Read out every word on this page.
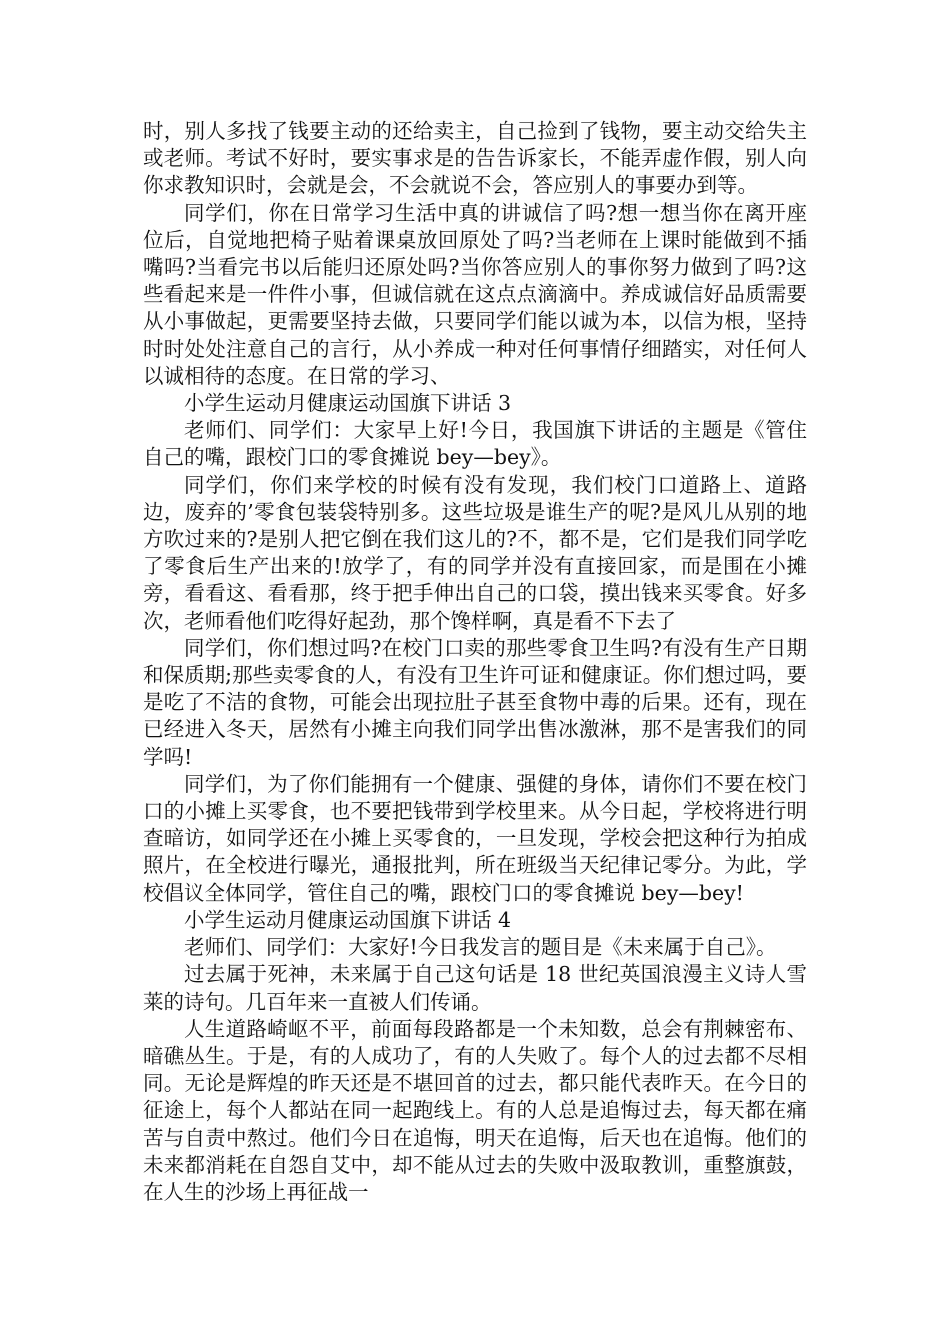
时，别人多找了钱要主动的还给卖主，自己捡到了钱物，要主动交给失主或老师。考试不好时，要实事求是的告告诉家长，不能弄虚作假，别人向你求教知识时，会就是会，不会就说不会，答应别人的事要办到等。

同学们，你在日常学习生活中真的讲诚信了吗?想一想当你在离开座位后，自觉地把椅子贴着课桌放回原处了吗?当老师在上课时能做到不插嘴吗?当看完书以后能归还原处吗?当你答应别人的事你努力做到了吗?这些看起来是一件件小事，但诚信就在这点点滴滴中。养成诚信好品质需要从小事做起，更需要坚持去做，只要同学们能以诚为本，以信为根，坚持时时处处注意自己的言行，从小养成一种对任何事情仔细踏实，对任何人以诚相待的态度。在日常的学习、

小学生运动月健康运动国旗下讲话 3

老师们、同学们：大家早上好!今日，我国旗下讲话的主题是《管住自己的嘴，跟校门口的零食摊说 bey—bey》。

同学们，你们来学校的时候有没有发现，我们校门口道路上、道路边，废弃的’零食包装袋特别多。这些垃圾是谁生产的呢?是风儿从别的地方吹过来的?是别人把它倒在我们这儿的?不，都不是，它们是我们同学吃了零食后生产出来的!放学了，有的同学并没有直接回家，而是围在小摊旁，看看这、看看那，终于把手伸出自己的口袋，摸出钱来买零食。好多次，老师看他们吃得好起劲，那个馋样啊，真是看不下去了

同学们，你们想过吗?在校门口卖的那些零食卫生吗?有没有生产日期和保质期;那些卖零食的人，有没有卫生许可证和健康证。你们想过吗，要是吃了不洁的食物，可能会出现拉肚子甚至食物中毒的后果。还有，现在已经进入冬天，居然有小摊主向我们同学出售冰激淋，那不是害我们的同学吗!

同学们，为了你们能拥有一个健康、强健的身体，请你们不要在校门口的小摊上买零食，也不要把钱带到学校里来。从今日起，学校将进行明查暗访，如同学还在小摊上买零食的，一旦发现，学校会把这种行为拍成照片，在全校进行曝光，通报批判，所在班级当天纪律记零分。为此，学校倡议全体同学，管住自己的嘴，跟校门口的零食摊说 bey—bey!

小学生运动月健康运动国旗下讲话 4

老师们、同学们：大家好!今日我发言的题目是《未来属于自己》。

过去属于死神，未来属于自己这句话是 18 世纪英国浪漫主义诗人雪莱的诗句。几百年来一直被人们传诵。

人生道路崎岖不平，前面每段路都是一个未知数，总会有荆棘密布、暗礁丛生。于是，有的人成功了，有的人失败了。每个人的过去都不尽相同。无论是辉煌的昨天还是不堪回首的过去，都只能代表昨天。在今日的征途上，每个人都站在同一起跑线上。有的人总是追悔过去，每天都在痛苦与自责中熬过。他们今日在追悔，明天在追悔，后天也在追悔。他们的未来都消耗在自怨自艾中，却不能从过去的失败中汲取教训，重整旗鼓，在人生的沙场上再征战一
